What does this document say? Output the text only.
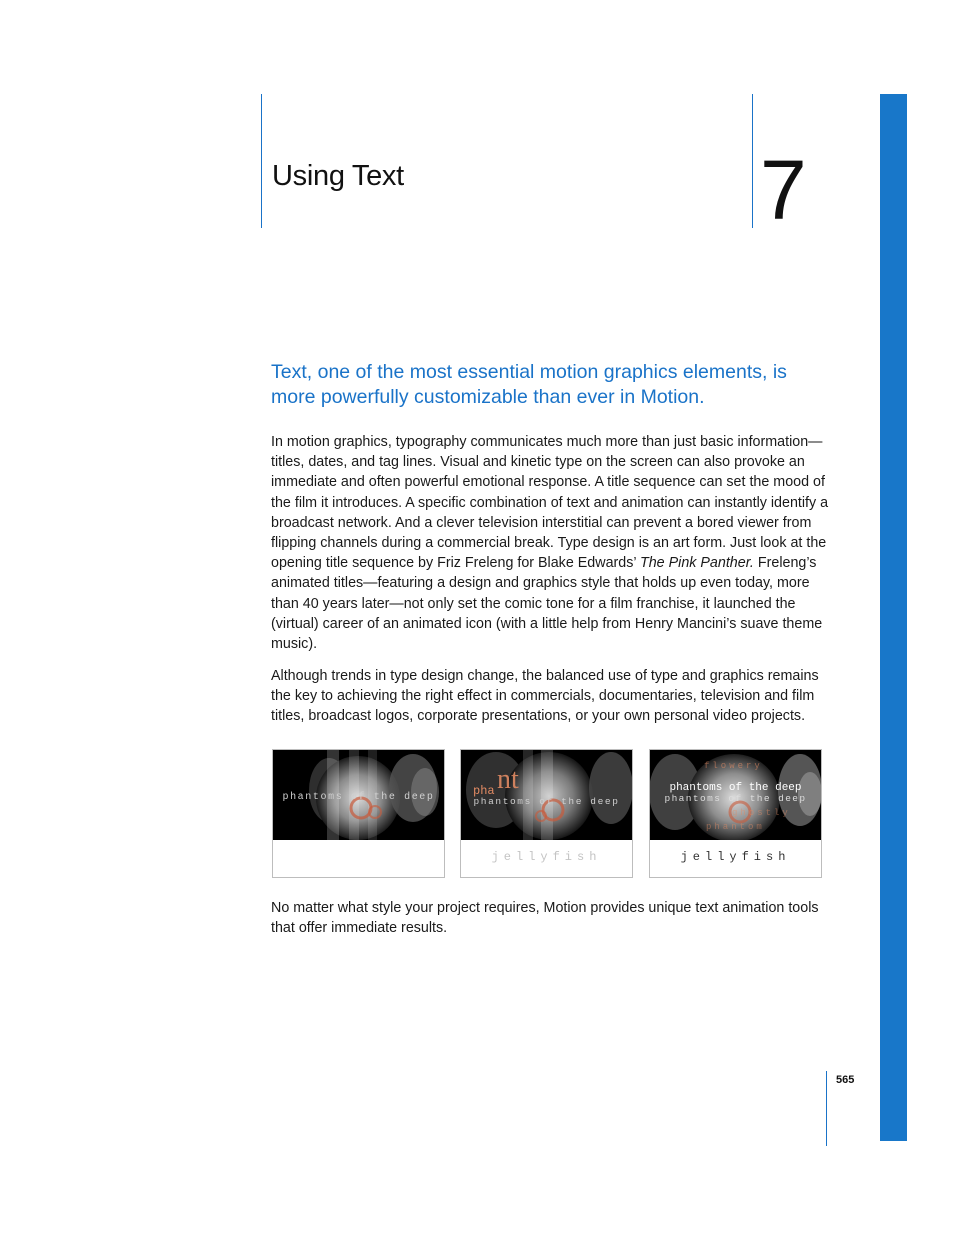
Using Text	7

Text, one of the most essential motion graphics elements, is more powerfully customizable than ever in Motion.

In motion graphics, typography communicates much more than just basic information—titles, dates, and tag lines. Visual and kinetic type on the screen can also provoke an immediate and often powerful emotional response. A title sequence can set the mood of the film it introduces. A specific combination of text and animation can instantly identify a broadcast network. And a clever television interstitial can prevent a bored viewer from flipping channels during a commercial break. Type design is an art form. Just look at the opening title sequence by Friz Freleng for Blake Edwards’ The Pink Panther. Freleng’s animated titles—featuring a design and graphics style that holds up even today, more than 40 years later—not only set the comic tone for a film franchise, it launched the (virtual) career of an animated icon (with a little help from Henry Mancini’s suave theme music).

Although trends in type design change, the balanced use of type and graphics remains the key to achieving the right effect in commercials, documentaries, television and film titles, broadcast logos, corporate presentations, or your own personal video projects.

phantoms of the deep	phantoms of the deep
pha nt
jellyfish
flowery
phantoms of the deep
phantoms of the deep
ghostly
phantom
jellyfish

No matter what style your project requires, Motion provides unique text animation tools that offer immediate results.

565
